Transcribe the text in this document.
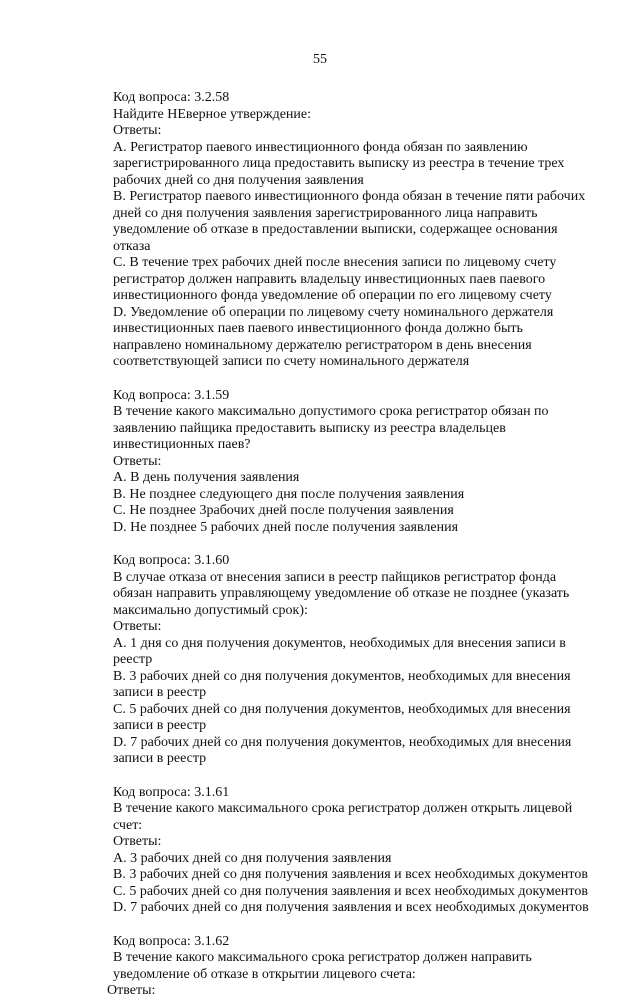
55
Код вопроса: 3.2.58
Найдите НЕверное утверждение:
Ответы:
A. Регистратор паевого инвестиционного фонда обязан по заявлению зарегистрированного лица предоставить выписку из реестра в течение трех рабочих дней со дня получения заявления
B. Регистратор паевого инвестиционного фонда обязан в течение пяти рабочих дней со дня получения заявления зарегистрированного лица направить уведомление об отказе в предоставлении выписки, содержащее основания отказа
C. В течение трех рабочих дней после внесения записи по лицевому счету регистратор должен направить владельцу инвестиционных паев паевого инвестиционного фонда уведомление об операции по его лицевому счету
D. Уведомление об операции по лицевому счету номинального держателя инвестиционных паев паевого инвестиционного фонда должно быть направлено номинальному держателю регистратором в день внесения соответствующей записи по счету номинального держателя
Код вопроса: 3.1.59
В течение какого максимально допустимого срока регистратор обязан по заявлению пайщика предоставить выписку из реестра владельцев инвестиционных паев?
Ответы:
A. В день получения заявления
B. Не позднее следующего дня после получения заявления
C. Не позднее 3рабочих дней после получения заявления
D. Не позднее 5 рабочих дней после получения заявления
Код вопроса: 3.1.60
В случае отказа от внесения записи в реестр пайщиков регистратор фонда обязан направить управляющему уведомление об отказе не позднее (указать максимально допустимый срок):
Ответы:
A. 1 дня со дня получения документов, необходимых для внесения записи в реестр
B. 3 рабочих дней со дня получения документов, необходимых для внесения записи в реестр
C. 5 рабочих дней со дня получения документов, необходимых для внесения записи в реестр
D. 7 рабочих дней со дня получения документов, необходимых для внесения записи в реестр
Код вопроса: 3.1.61
В течение какого максимального срока регистратор должен открыть лицевой счет:
Ответы:
A. 3 рабочих дней со дня получения заявления
B. 3 рабочих дней со дня получения заявления и всех необходимых документов
C. 5 рабочих дней со дня получения заявления и всех необходимых документов
D. 7 рабочих дней со дня получения заявления и всех необходимых документов
Код вопроса: 3.1.62
В течение какого максимального срока регистратор должен направить уведомление об отказе в открытии лицевого счета:
Ответы:
